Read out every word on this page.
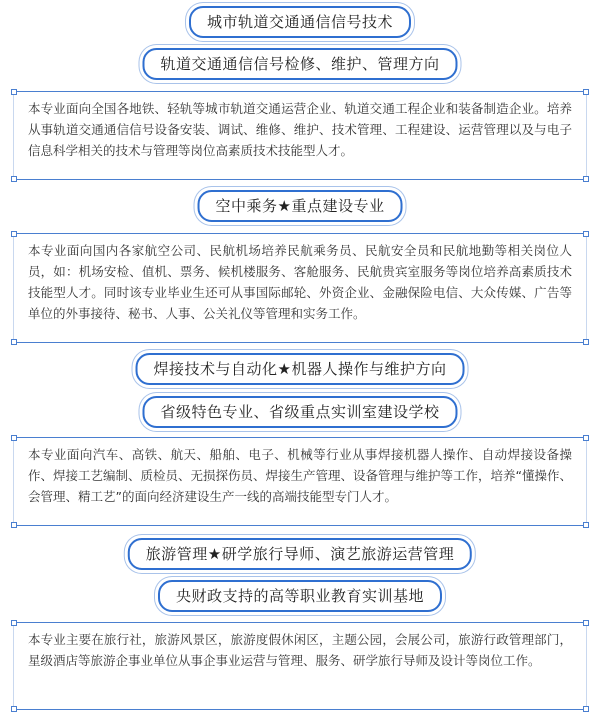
城市轨道交通通信信号技术
轨道交通通信信号检修、维护、管理方向

本专业面向全国各地铁、轻轨等城市轨道交通运营企业、轨道交通工程企业和装备制造企业。培养从事轨道交通通信信号设备安装、调试、维修、维护、技术管理、工程建设、运营管理以及与电子信息科学相关的技术与管理等岗位高素质技术技能型人才。

空中乘务★重点建设专业

本专业面向国内各家航空公司、民航机场培养民航乘务员、民航安全员和民航地勤等相关岗位人员，如：机场安检、值机、票务、候机楼服务、客舱服务、民航贵宾室服务等岗位培养高素质技术技能型人才。同时该专业毕业生还可从事国际邮轮、外资企业、金融保险电信、大众传媒、广告等单位的外事接待、秘书、人事、公关礼仪等管理和实务工作。

焊接技术与自动化★机器人操作与维护方向
省级特色专业、省级重点实训室建设学校

本专业面向汽车、高铁、航天、船舶、电子、机械等行业从事焊接机器人操作、自动焊接设备操作、焊接工艺编制、质检员、无损探伤员、焊接生产管理、设备管理与维护等工作，培养“懂操作、会管理、精工艺”的面向经济建设生产一线的高端技能型专门人才。

旅游管理★研学旅行导师、演艺旅游运营管理
央财政支持的高等职业教育实训基地

本专业主要在旅行社，旅游风景区，旅游度假休闲区，主题公园，会展公司，旅游行政管理部门，星级酒店等旅游企事业单位从事企事业运营与管理、服务、研学旅行导师及设计等岗位工作。
